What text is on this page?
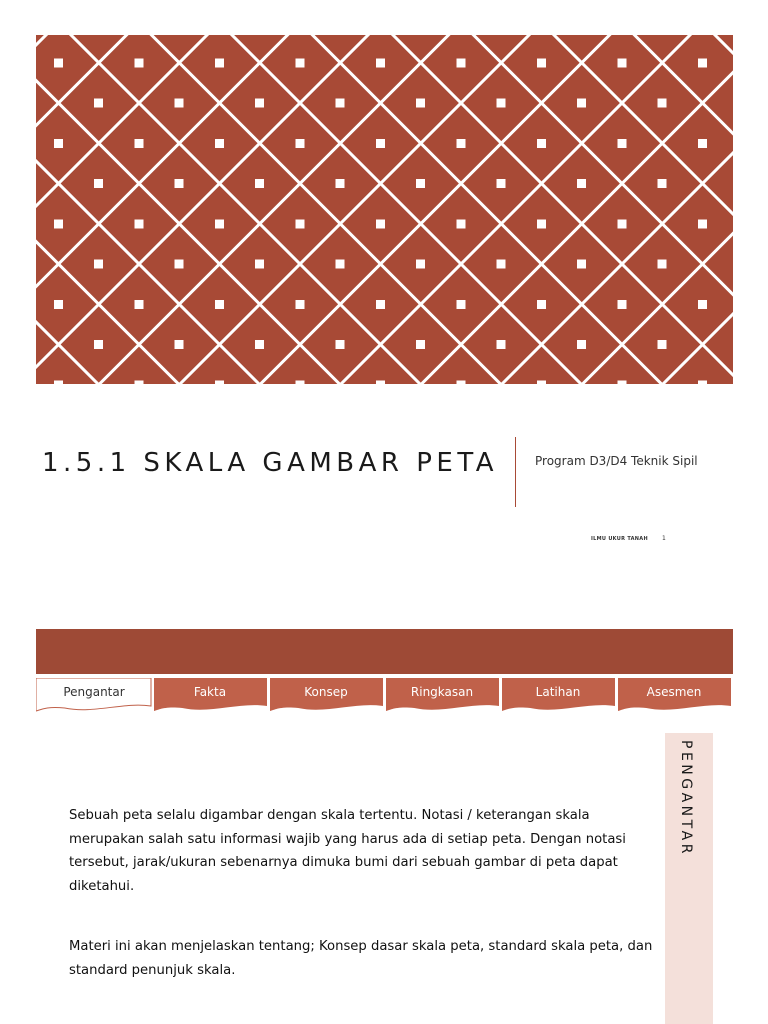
1.5.1 SKALA GAMBAR PETA	Program D3/D4 Teknik Sipil
ILMU UKUR TANAH 1
Pengantar	Fakta	Konsep	Ringkasan	Latihan	Asesmen
PENGANTAR

Sebuah peta selalu digambar dengan skala tertentu. Notasi / keterangan skala merupakan salah satu informasi wajib yang harus ada di setiap peta. Dengan notasi tersebut, jarak/ukuran sebenarnya dimuka bumi dari sebuah gambar di peta dapat diketahui.

Materi ini akan menjelaskan tentang; Konsep dasar skala peta, standard skala peta, dan standard penunjuk skala.
